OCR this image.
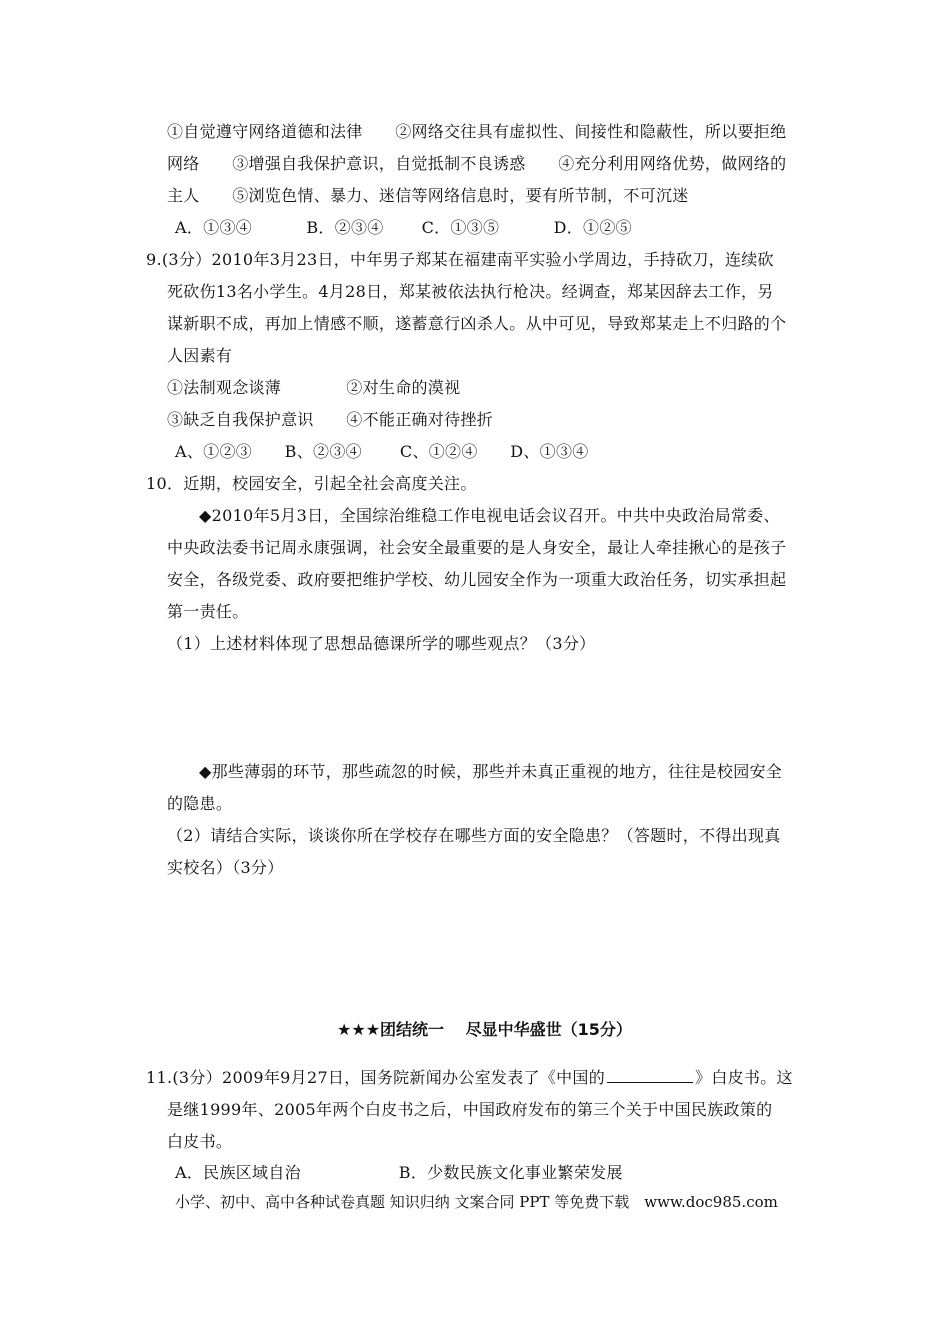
①自觉遵守网络道德和法律　　②网络交往具有虚拟性、间接性和隐蔽性，所以要拒绝
网络　　③增强自我保护意识，自觉抵制不良诱惑　　④充分利用网络优势，做网络的
主人　　⑤浏览色情、暴力、迷信等网络信息时，要有所节制，不可沉迷
A．①③④　　　 B．②③④　　 C．①③⑤　　　 D．①②⑤
9.(3分）2010年3月23日，中年男子郑某在福建南平实验小学周边，手持砍刀，连续砍
死砍伤13名小学生。4月28日，郑某被依法执行枪决。经调查，郑某因辞去工作，另
谋新职不成，再加上情感不顺，遂蓄意行凶杀人。从中可见，导致郑某走上不归路的个
人因素有
①法制观念谈薄　　　　②对生命的漠视
③缺乏自我保护意识　　④不能正确对待挫折
A、①②③　　B、②③④　　 C、①②④　　D、①③④
10．近期，校园安全，引起全社会高度关注。
◆2010年5月3日，全国综治维稳工作电视电话会议召开。中共中央政治局常委、
中央政法委书记周永康强调，社会安全最重要的是人身安全，最让人牵挂揪心的是孩子
安全，各级党委、政府要把维护学校、幼儿园安全作为一项重大政治任务，切实承担起
第一责任。
（1）上述材料体现了思想品德课所学的哪些观点？（3分）
◆那些薄弱的环节，那些疏忽的时候，那些并未真正重视的地方，往往是校园安全
的隐患。
（2）请结合实际，谈谈你所在学校存在哪些方面的安全隐患？（答题时，不得出现真
实校名）（3分）
★★★团结统一　 尽显中华盛世（15分）
11.(3分）2009年9月27日，国务院新闻办公室发表了《中国的	》白皮书。这
是继1999年、2005年两个白皮书之后，中国政府发布的第三个关于中国民族政策的
白皮书。
A．民族区域自治　　　　　　B．少数民族文化事业繁荣发展
小学、初中、高中各种试卷真题 知识归纳 文案合同 PPT 等免费下载　www.doc985.com
